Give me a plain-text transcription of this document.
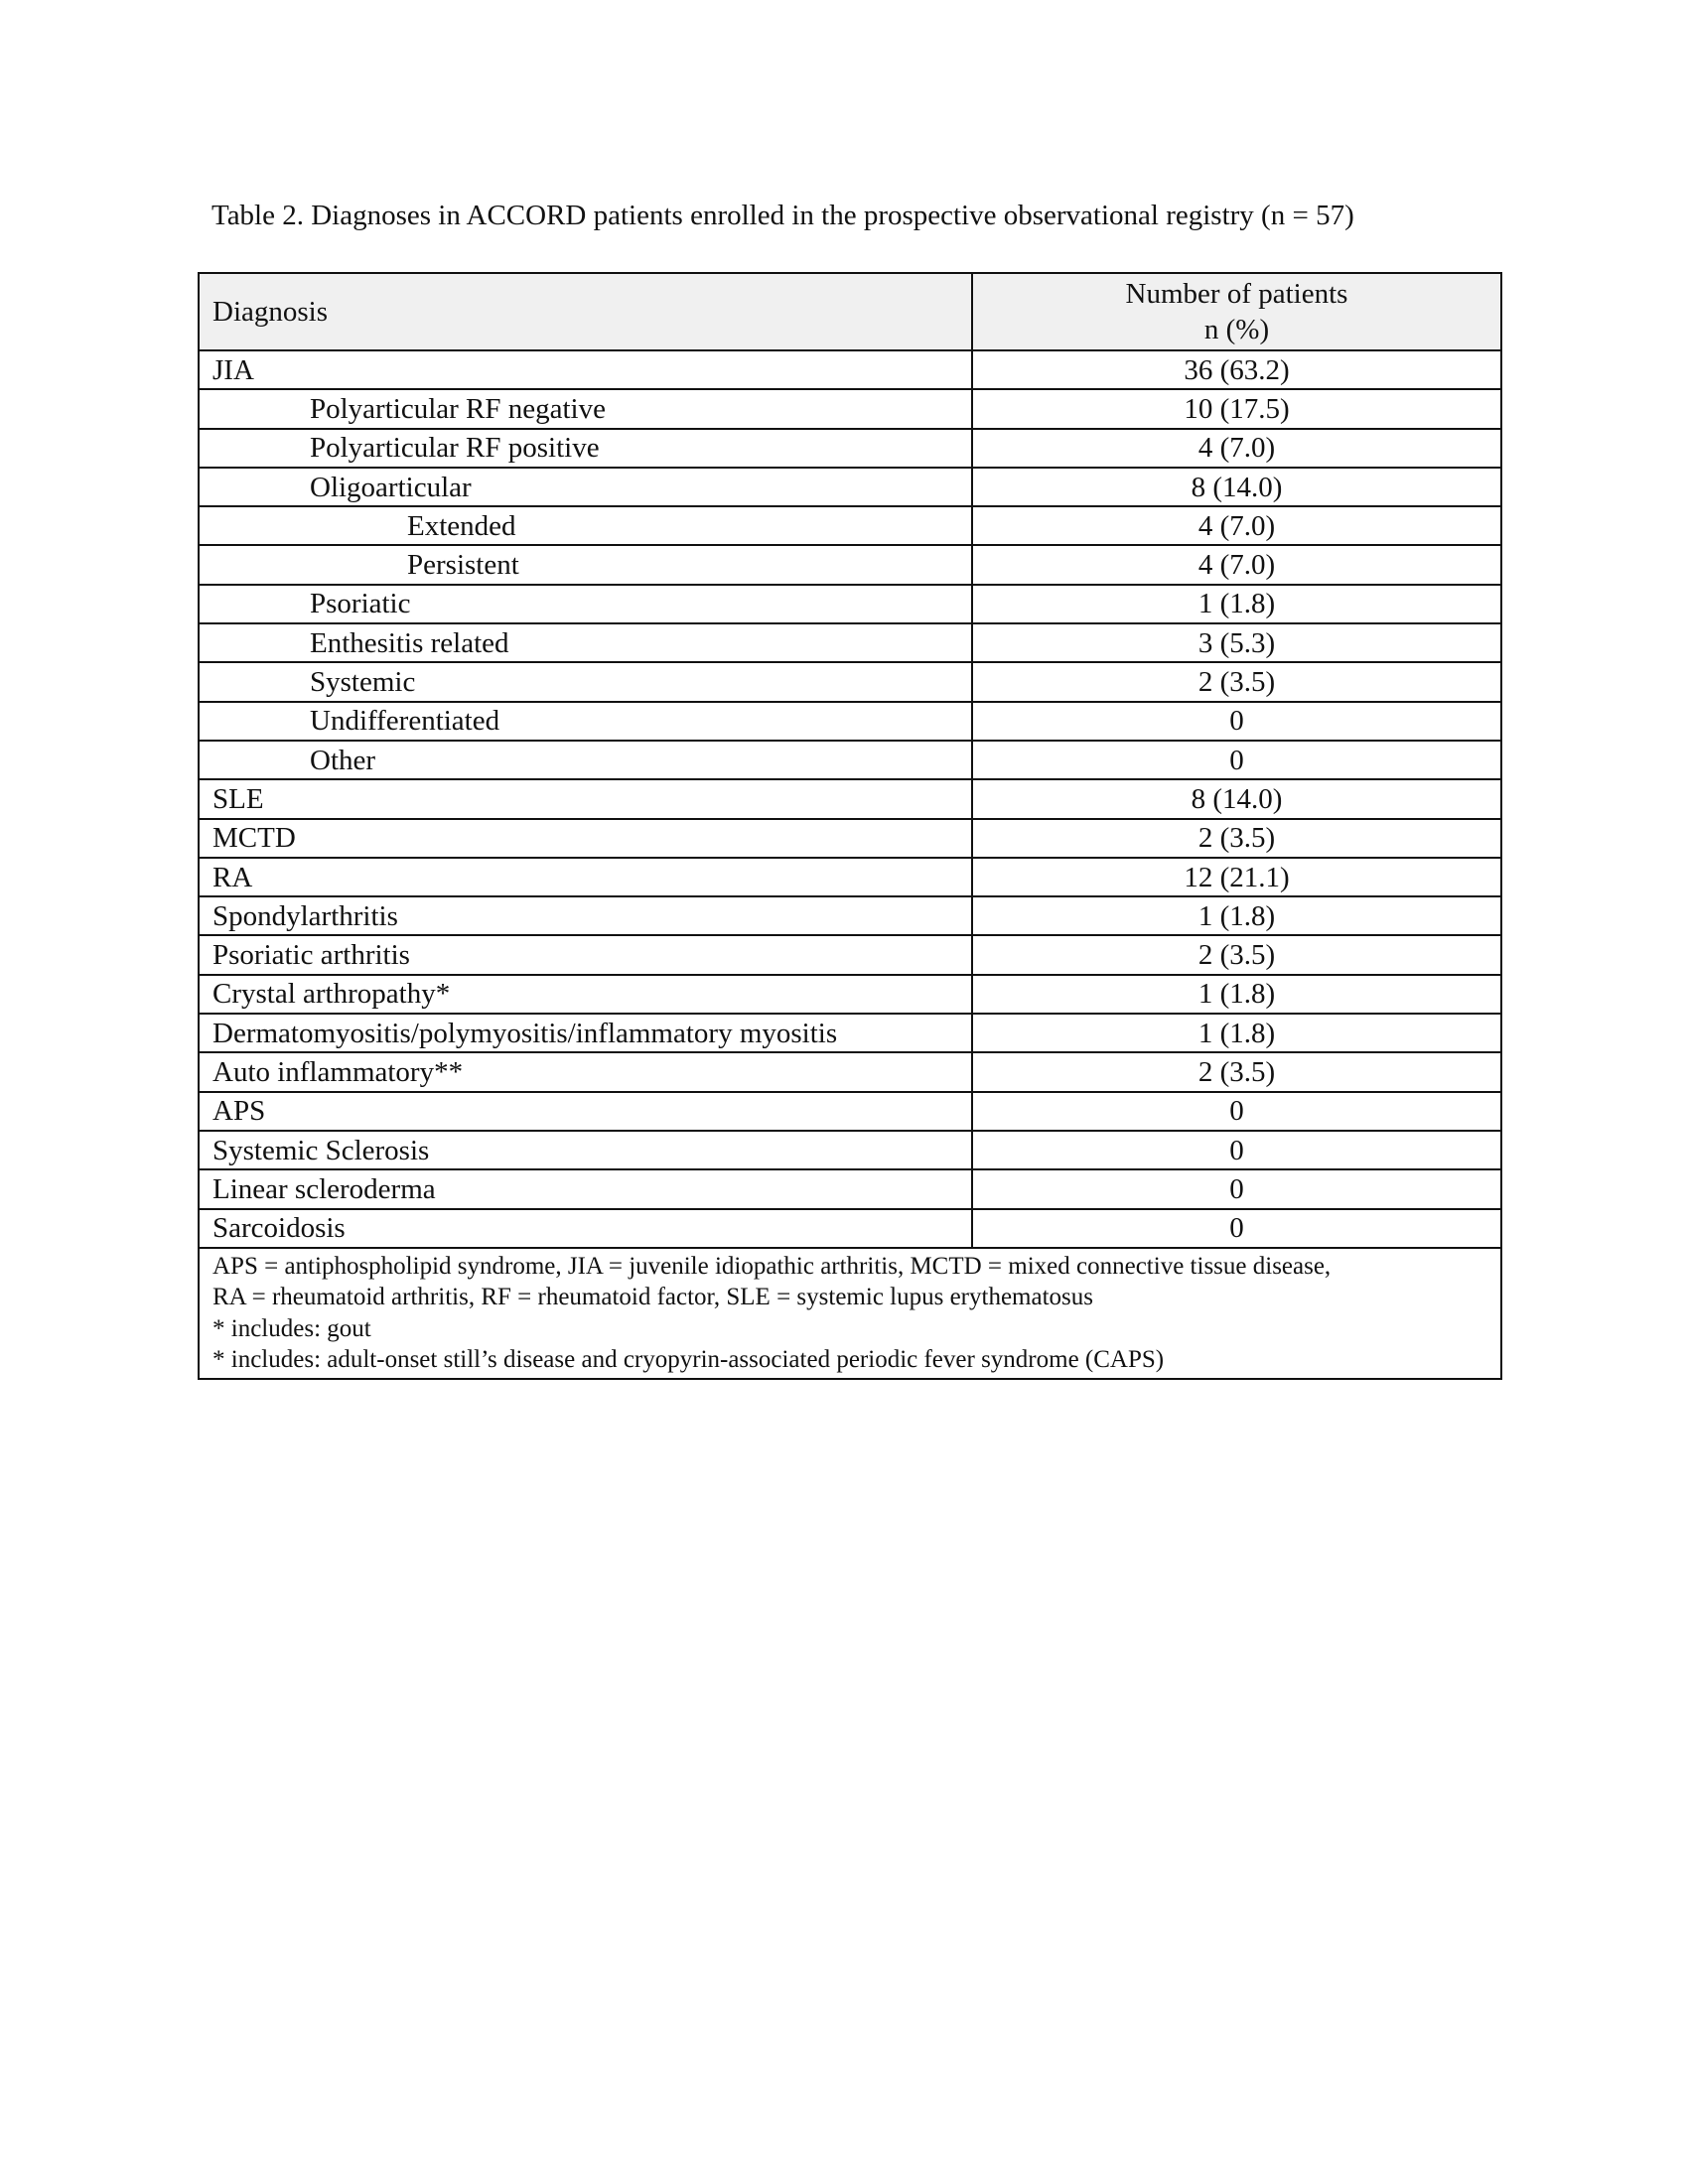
Table 2. Diagnoses in ACCORD patients enrolled in the prospective observational registry (n = 57)
Diagnosis	Number of patients
n (%)

JIA	36 (63.2)
Polyarticular RF negative	10 (17.5)
Polyarticular RF positive	4 (7.0)
Oligoarticular	8 (14.0)
Extended	4 (7.0)
Persistent	4 (7.0)
Psoriatic	1 (1.8)
Enthesitis related	3 (5.3)
Systemic	2 (3.5)
Undifferentiated	0
Other	0
SLE	8 (14.0)
MCTD	2 (3.5)
RA	12 (21.1)
Spondylarthritis	1 (1.8)
Psoriatic arthritis	2 (3.5)
Crystal arthropathy*	1 (1.8)
Dermatomyositis/polymyositis/inflammatory myositis	1 (1.8)
Auto inflammatory**	2 (3.5)
APS	0
Systemic Sclerosis	0
Linear scleroderma	0
Sarcoidosis	0

APS = antiphospholipid syndrome, JIA = juvenile idiopathic arthritis, MCTD = mixed connective tissue disease,
RA = rheumatoid arthritis, RF = rheumatoid factor, SLE = systemic lupus erythematosus
* includes: gout
* includes: adult-onset still’s disease and cryopyrin-associated periodic fever syndrome (CAPS)	
